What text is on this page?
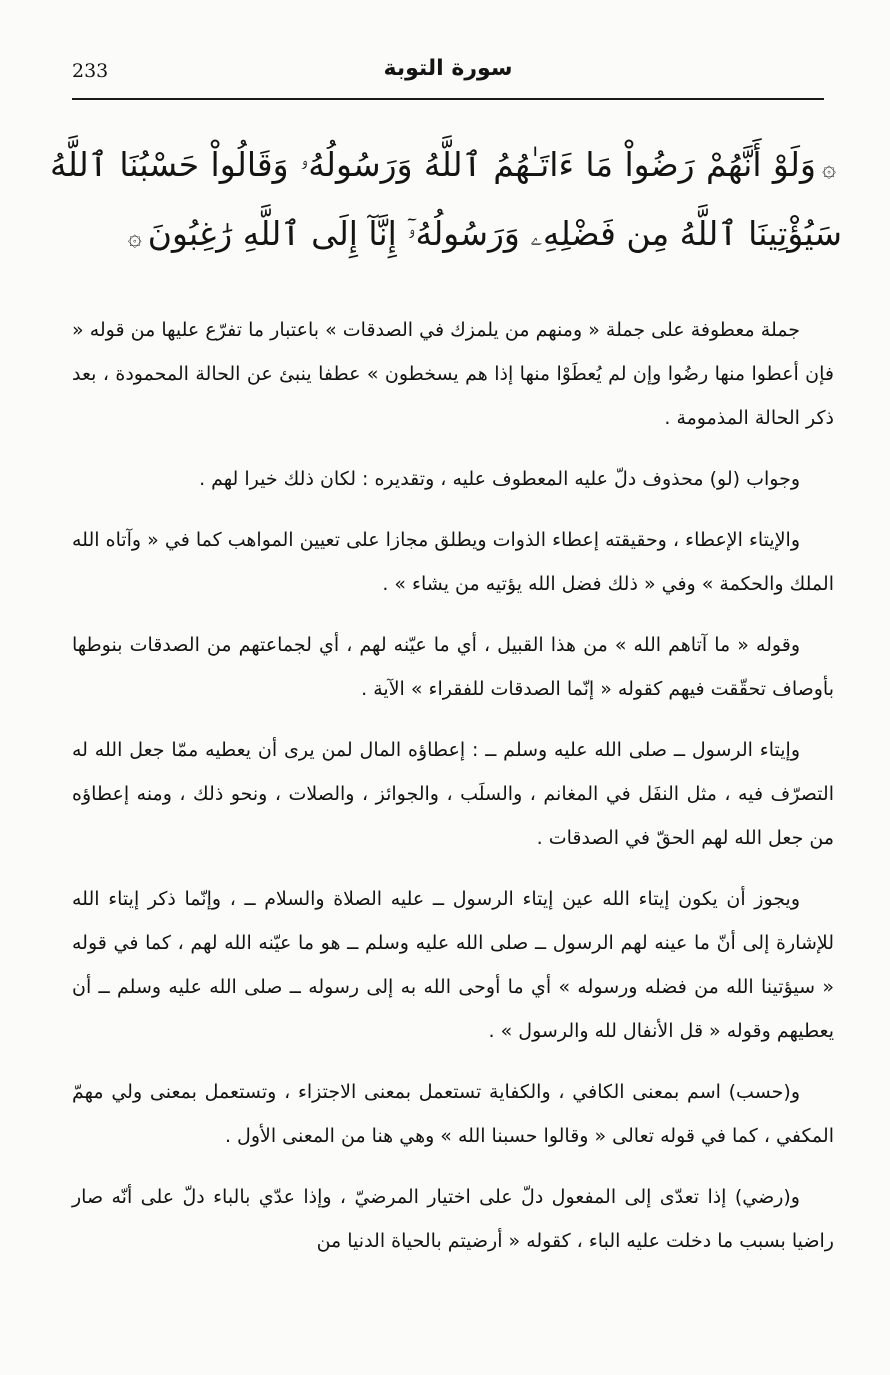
233	سورة التوبة
۞وَلَوْ أَنَّهُمْ رَضُواْ مَا ءَاتَـٰهُمُ ٱللَّهُ وَرَسُولُهُۥ وَقَالُواْ حَسْبُنَا ٱللَّهُ سَيُؤْتِينَا ٱللَّهُ مِن فَضْلِهِۦ وَرَسُولُهُۥٓ إِنَّآ إِلَى ٱللَّهِ رَٰغِبُونَ۞

جملة معطوفة على جملة « ومنهم من يلمزك في الصدقات » باعتبار ما تفرّع عليها من قوله « فإن أعطوا منها رضُوا وإن لم يُعطَوْا منها إذا هم يسخطون » عطفا ينبئ عن الحالة المحمودة ، بعد ذكر الحالة المذمومة .

وجواب (لو) محذوف دلّ عليه المعطوف عليه ، وتقديره : لكان ذلك خيرا لهم .

والإيتاء الإعطاء ، وحقيقته إعطاء الذوات ويطلق مجازا على تعيين المواهب كما في « وآتاه الله الملك والحكمة » وفي « ذلك فضل الله يؤتيه من يشاء » .

وقوله « ما آتاهم الله » من هذا القبيل ، أي ما عيّنه لهم ، أي لجماعتهم من الصدقات بنوطها بأوصاف تحقّقت فيهم كقوله « إنّما الصدقات للفقراء » الآية .

وإيتاء الرسول ــ صلى الله عليه وسلم ــ : إعطاؤه المال لمن يرى أن يعطيه ممّا جعل الله له التصرّف فيه ، مثل النفَل في المغانم ، والسلَب ، والجوائز ، والصلات ، ونحو ذلك ، ومنه إعطاؤه من جعل الله لهم الحقّ في الصدقات .

ويجوز أن يكون إيتاء الله عين إيتاء الرسول ــ عليه الصلاة والسلام ــ ، وإنّما ذكر إيتاء الله للإشارة إلى أنّ ما عينه لهم الرسول ــ صلى الله عليه وسلم ــ هو ما عيّنه الله لهم ، كما في قوله « سيؤتينا الله من فضله ورسوله » أي ما أوحى الله به إلى رسوله ــ صلى الله عليه وسلم ــ أن يعطيهم وقوله « قل الأنفال لله والرسول » .

و(حسب) اسم بمعنى الكافي ، والكفاية تستعمل بمعنى الاجتزاء ، وتستعمل بمعنى ولي مهمّ المكفي ، كما في قوله تعالى « وقالوا حسبنا الله » وهي هنا من المعنى الأول .

و(رضي) إذا تعدّى إلى المفعول دلّ على اختيار المرضيّ ، وإذا عدّي بالباء دلّ على أنّه صار راضيا بسبب ما دخلت عليه الباء ، كقوله « أرضيتم بالحياة الدنيا من
